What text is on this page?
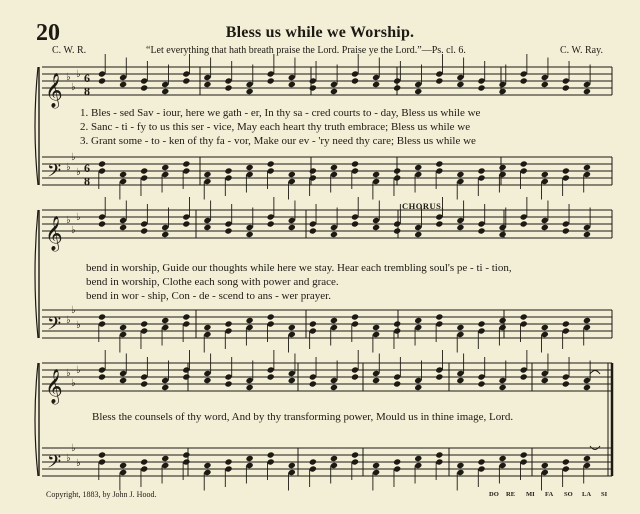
20	Bless us while we Worship.
C. W. R.	“Let everything that hath breath praise the Lord. Praise ye the Lord.”—Ps. cl. 6.	C. W. Ray.
𝄞
𝄞
𝄞
𝄢
𝄢
𝄢
♭
♭
♭
♭
♭
♭
♭
♭
♭
♭
♭
♭
♭
♭
♭
♭
♭
♭
6
8
6
8
1. Bles - sed Sav - iour, here we gath - er, In thy sa - cred courts to - day, Bless us while we
2. Sanc - ti - fy to us this ser - vice, May each heart thy truth embrace; Bless us while we
3. Grant some - to - ken of thy fa - vor, Make our ev - 'ry need thy care; Bless us while we
CHORUS.
bend in worship, Guide our thoughts while here we stay. Hear each trembling soul's pe - ti - tion,
bend in worship, Clothe each song with power and grace.
bend in wor - ship, Con - de - scend to ans - wer prayer.
Bless the counsels of thy word, And by thy transforming power, Mould us in thine image, Lord.
Copyright, 1883, by John J. Hood.	DO RE MI FA SO LA SI
